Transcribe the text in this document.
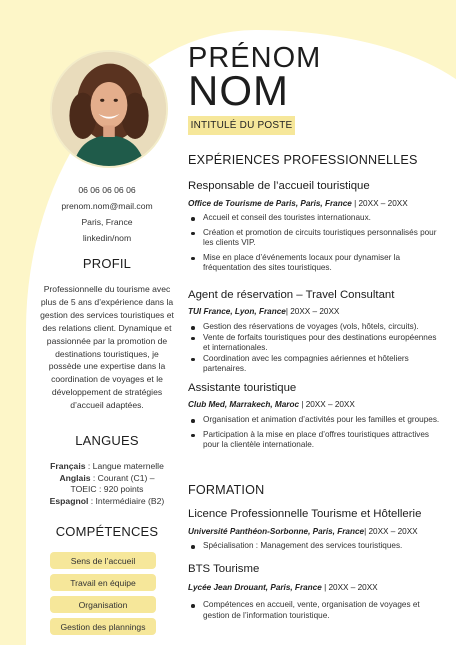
PRÉNOM
NOM
INTITULÉ DU POSTE
06 06 06 06 06
prenom.nom@mail.com
Paris, France
linkedin/nom
PROFIL
Professionnelle du tourisme avec plus de 5 ans d’expérience dans la gestion des services touristiques et des relations client. Dynamique et passionnée par la promotion de destinations touristiques, je possède une expertise dans la coordination de voyages et le développement de stratégies d’accueil adaptées.
LANGUES
Français : Langue maternelle
Anglais : Courant (C1) –
TOEIC : 920 points
Espagnol : Intermédiaire (B2)
COMPÉTENCES
Sens de l’accueil
Travail en équipe
Organisation
Gestion des plannings
EXPÉRIENCES PROFESSIONNELLES
Responsable de l’accueil touristique
Office de Tourisme de Paris, Paris, France | 20XX – 20XX
Accueil et conseil des touristes internationaux.
Création et promotion de circuits touristiques personnalisés pour les clients VIP.
Mise en place d’événements locaux pour dynamiser la fréquentation des sites touristiques.
Agent de réservation – Travel Consultant
TUI France, Lyon, France| 20XX – 20XX
Gestion des réservations de voyages (vols, hôtels, circuits).
Vente de forfaits touristiques pour des destinations européennes et internationales.
Coordination avec les compagnies aériennes et hôteliers partenaires.
Assistante touristique
Club Med, Marrakech, Maroc | 20XX – 20XX
Organisation et animation d’activités pour les familles et groupes.
Participation à la mise en place d’offres touristiques attractives pour la clientèle internationale.
FORMATION
Licence Professionnelle Tourisme et Hôtellerie
Université Panthéon-Sorbonne, Paris, France| 20XX – 20XX
Spécialisation : Management des services touristiques.
BTS Tourisme
Lycée Jean Drouant, Paris, France | 20XX – 20XX
Compétences en accueil, vente, organisation de voyages et gestion de l’information touristique.
